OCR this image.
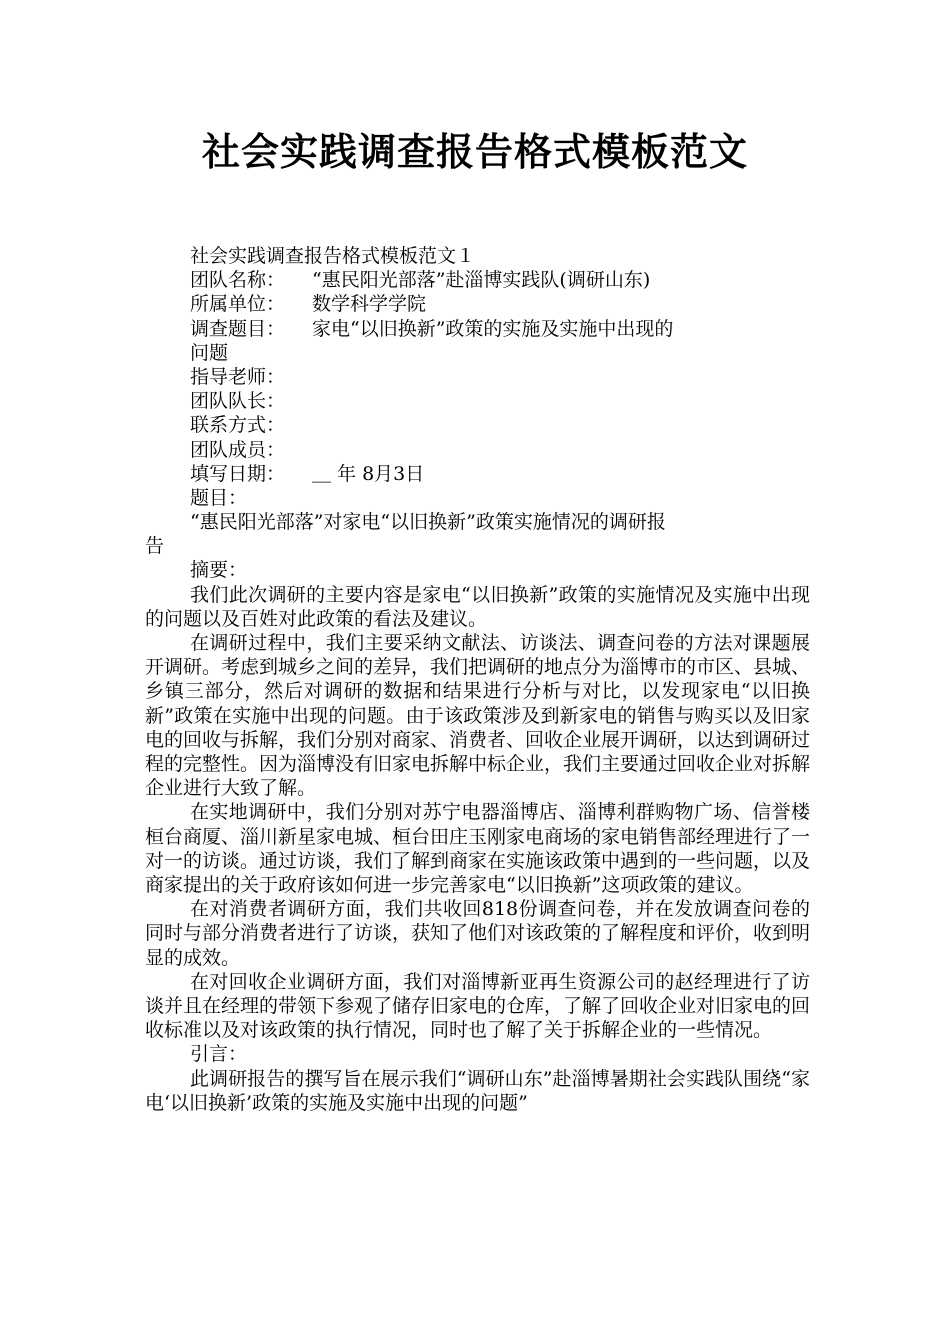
社会实践调查报告格式模板范文
社会实践调查报告格式模板范文１
团队名称： “惠民阳光部落”赴淄博实践队(调研山东)
所属单位： 数学科学学院
调查题目： 家电“以旧换新”政策的实施及实施中出现的
问题
指导老师：
团队队长：
联系方式：
团队成员：
填写日期： ＿ 年 8月3日
题目：
“惠民阳光部落”对家电“以旧换新”政策实施情况的调研报
告
摘要：

我们此次调研的主要内容是家电“以旧换新”政策的实施情况及实施中出现的问题以及百姓对此政策的看法及建议。

在调研过程中，我们主要采纳文献法、访谈法、调查问卷的方法对课题展开调研。考虑到城乡之间的差异，我们把调研的地点分为淄博市的市区、县城、乡镇三部分，然后对调研的数据和结果进行分析与对比，以发现家电“以旧换新”政策在实施中出现的问题。由于该政策涉及到新家电的销售与购买以及旧家电的回收与拆解，我们分别对商家、消费者、回收企业展开调研，以达到调研过程的完整性。因为淄博没有旧家电拆解中标企业，我们主要通过回收企业对拆解企业进行大致了解。

在实地调研中，我们分别对苏宁电器淄博店、淄博利群购物广场、信誉楼桓台商厦、淄川新星家电城、桓台田庄玉刚家电商场的家电销售部经理进行了一对一的访谈。通过访谈，我们了解到商家在实施该政策中遇到的一些问题，以及商家提出的关于政府该如何进一步完善家电“以旧换新”这项政策的建议。

在对消费者调研方面，我们共收回818份调查问卷，并在发放调查问卷的同时与部分消费者进行了访谈，获知了他们对该政策的了解程度和评价，收到明显的成效。

在对回收企业调研方面，我们对淄博新亚再生资源公司的赵经理进行了访谈并且在经理的带领下参观了储存旧家电的仓库，了解了回收企业对旧家电的回收标准以及对该政策的执行情况，同时也了解了关于拆解企业的一些情况。

引言：

此调研报告的撰写旨在展示我们“调研山东”赴淄博暑期社会实践队围绕“家电‘以旧换新’政策的实施及实施中出现的问题”
